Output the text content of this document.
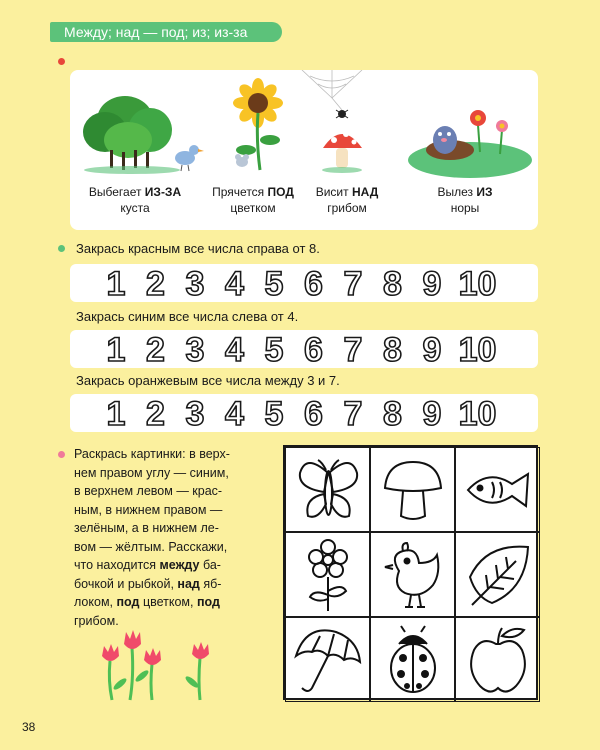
Между; над — под; из; из-за
Выбегает ИЗ-ЗА
куста
Прячется ПОД
цветком
Висит НАД
грибом
Вылез ИЗ
норы
Закрась красным все числа справа от 8.
1 2 3 4 5 6 7 8 9 10
Закрась синим все числа слева от 4.
1 2 3 4 5 6 7 8 9 10
Закрась оранжевым все числа между 3 и 7.
1 2 3 4 5 6 7 8 9 10
Раскрась картинки: в верх-
нем правом углу — синим,
в верхнем левом — крас-
ным, в нижнем правом —
зелёным, а в нижнем ле-
вом — жёлтым. Расскажи,
что находится между ба-
бочкой и рыбкой, над яб-
локом, под цветком, под
грибом.
38
